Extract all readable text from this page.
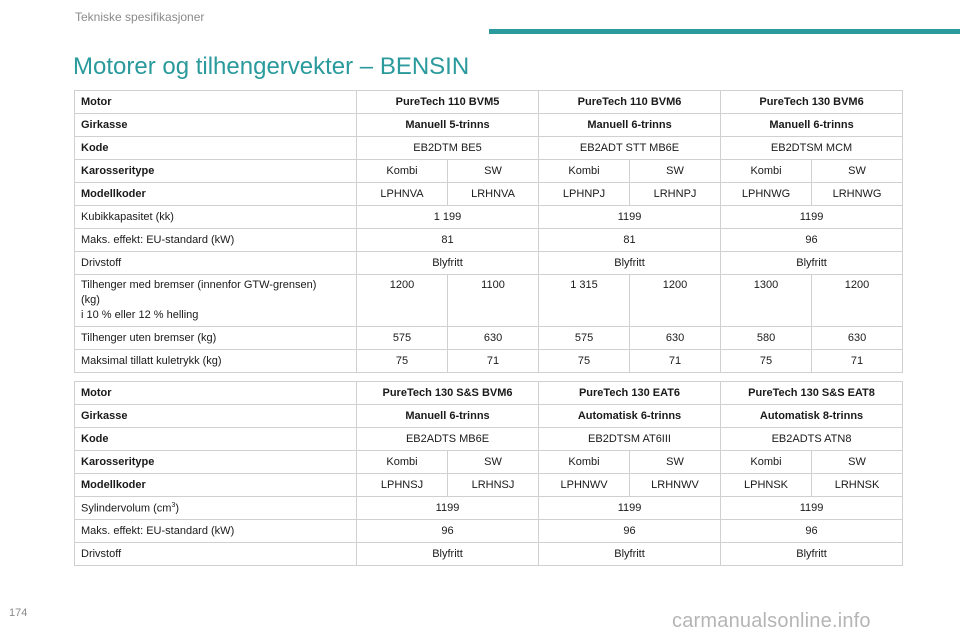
Tekniske spesifikasjoner
Motorer og tilhengervekter – BENSIN
Motor	PureTech 110 BVM5		PureTech 110 BVM6		PureTech 130 BVM6	
Girkasse	Manuell 5-trinns		Manuell 6-trinns		Manuell 6-trinns	
Kode	EB2DTM BE5		EB2ADT STT MB6E		EB2DTSM MCM	
Karosseritype	Kombi	SW	Kombi	SW	Kombi	SW
Modellkoder	LPHNVA	LRHNVA	LPHNPJ	LRHNPJ	LPHNWG	LRHNWG
Kubikkapasitet (kk)	1 199		1199		1199	
Maks. effekt: EU-standard (kW)	81		81		96	
Drivstoff	Blyfritt		Blyfritt		Blyfritt	
Tilhenger med bremser (innenfor GTW-grensen)
(kg)
i 10 % eller 12 % helling	1200	1100	1 315	1200	1300	1200
Tilhenger uten bremser (kg)	575	630	575	630	580	630
Maksimal tillatt kuletrykk (kg)	75	71	75	71	75	71
Motor	PureTech 130 S&S BVM6		PureTech 130 EAT6		PureTech 130 S&S EAT8	
Girkasse	Manuell 6-trinns		Automatisk 6-trinns		Automatisk 8-trinns	
Kode	EB2ADTS MB6E		EB2DTSM AT6III		EB2ADTS ATN8	
Karosseritype	Kombi	SW	Kombi	SW	Kombi	SW
Modellkoder	LPHNSJ	LRHNSJ	LPHNWV	LRHNWV	LPHNSK	LRHNSK
Sylindervolum $(cm^3)$	1199		1199		1199	
Maks. effekt: EU-standard (kW)	96		96		96	
Drivstoff	Blyfritt		Blyfritt		Blyfritt	
174	carmanualsonline.info
